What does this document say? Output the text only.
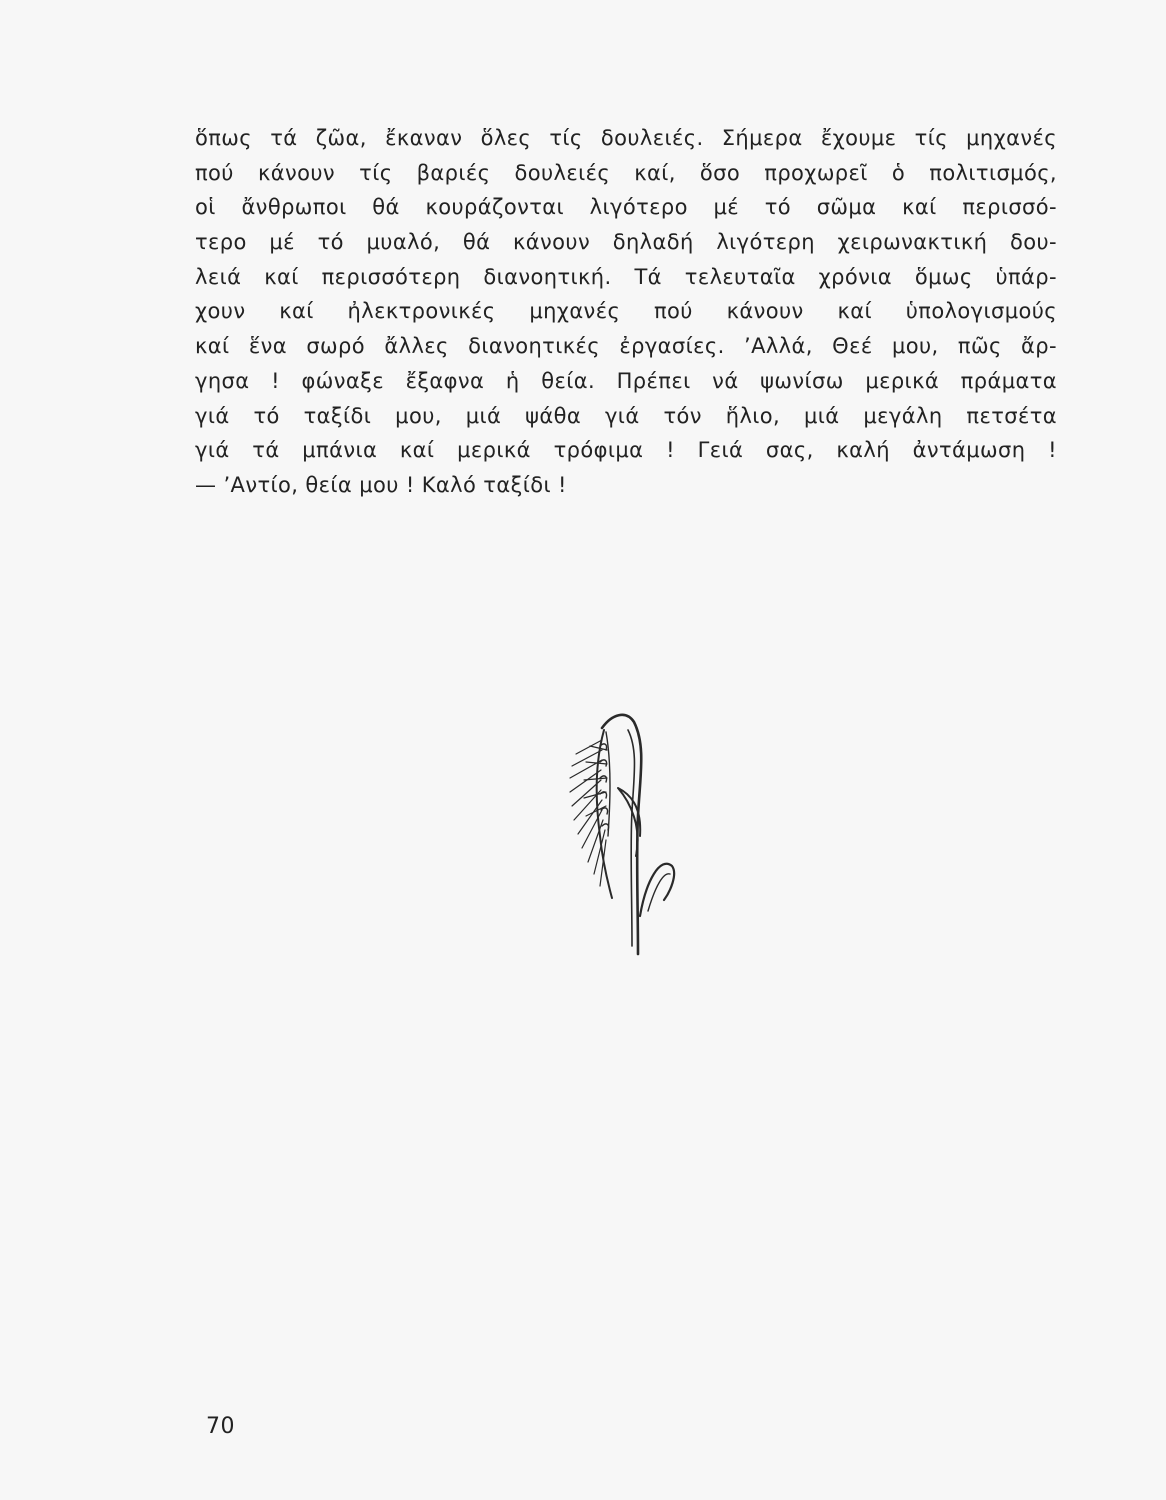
ὅπως τά ζῶα, ἔκαναν ὅλες τίς δουλειές. Σήμερα ἔχουμε τίς μηχανές
πού κάνουν τίς βαριές δουλειές καί, ὅσο προχωρεῖ ὁ πολιτισμός,
οἱ ἄνθρωποι θά κουράζονται λιγότερο μέ τό σῶμα καί περισσό-
τερο μέ τό μυαλό, θά κάνουν δηλαδή λιγότερη χειρωνακτική δου-
λειά καί περισσότερη διανοητική. Τά τελευταῖα χρόνια ὅμως ὑπάρ-
χουν καί ἠλεκτρονικές μηχανές πού κάνουν καί ὑπολογισμούς
καί ἕνα σωρό ἄλλες διανοητικές ἐργασίες. ’Αλλά, Θεέ μου, πῶς ἄρ-
γησα ! φώναξε ἔξαφνα ἡ θεία. Πρέπει νά ψωνίσω μερικά πράματα
γιά τό ταξίδι μου, μιά ψάθα γιά τόν ἥλιο, μιά μεγάλη πετσέτα
γιά τά μπάνια καί μερικά τρόφιμα ! Γειά σας, καλή ἀντάμωση !
— ’Αντίο, θεία μου ! Καλό ταξίδι !
70
